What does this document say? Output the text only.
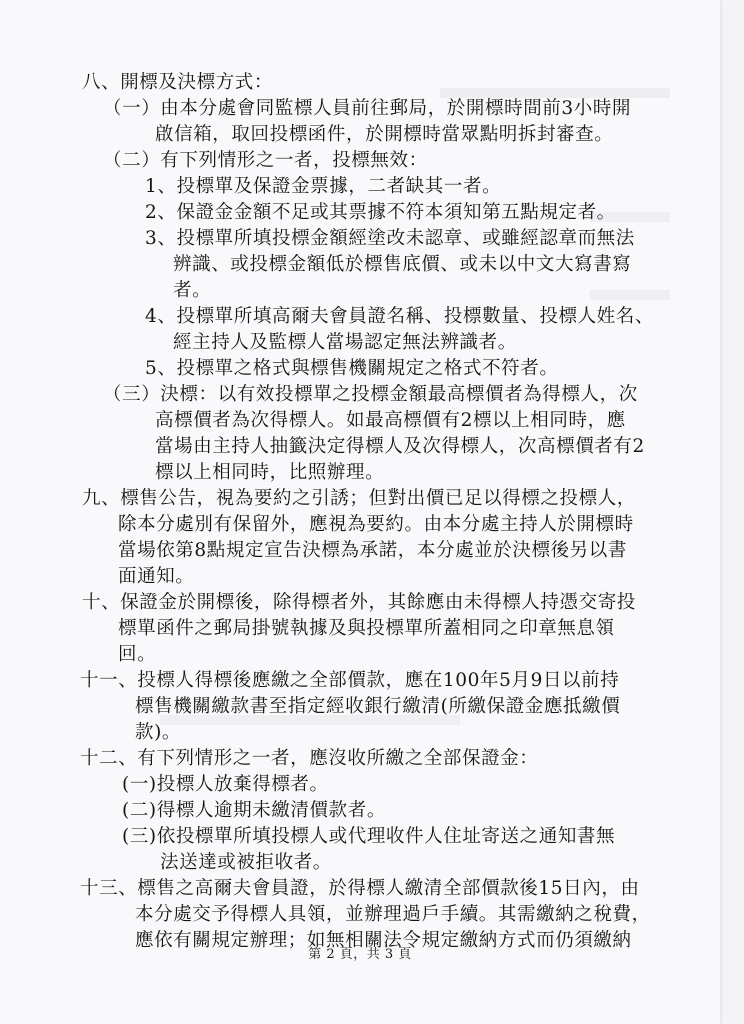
八、開標及決標方式：
（一）由本分處會同監標人員前往郵局，於開標時間前3小時開
啟信箱，取回投標函件，於開標時當眾點明拆封審查。
（二）有下列情形之一者，投標無效：
1、投標單及保證金票據，二者缺其一者。
2、保證金金額不足或其票據不符本須知第五點規定者。
3、投標單所填投標金額經塗改未認章、或雖經認章而無法
辨識、或投標金額低於標售底價、或未以中文大寫書寫
者。
4、投標單所填高爾夫會員證名稱、投標數量、投標人姓名、
經主持人及監標人當場認定無法辨識者。
5、投標單之格式與標售機關規定之格式不符者。
（三）決標：以有效投標單之投標金額最高標價者為得標人，次
高標價者為次得標人。如最高標價有2標以上相同時，應
當場由主持人抽籤決定得標人及次得標人，次高標價者有2
標以上相同時，比照辦理。
九、標售公告，視為要約之引誘；但對出價已足以得標之投標人，
除本分處別有保留外，應視為要約。由本分處主持人於開標時
當場依第8點規定宣告決標為承諾，本分處並於決標後另以書
面通知。
十、保證金於開標後，除得標者外，其餘應由未得標人持憑交寄投
標單函件之郵局掛號執據及與投標單所蓋相同之印章無息領
回。
十一、投標人得標後應繳之全部價款，應在100年5月9日以前持
標售機關繳款書至指定經收銀行繳清(所繳保證金應抵繳價
款)。
十二、有下列情形之一者，應沒收所繳之全部保證金：
(一)投標人放棄得標者。
(二)得標人逾期未繳清價款者。
(三)依投標單所填投標人或代理收件人住址寄送之通知書無
法送達或被拒收者。
十三、標售之高爾夫會員證，於得標人繳清全部價款後15日內，由
本分處交予得標人具領，並辦理過戶手續。其需繳納之稅費，
應依有關規定辦理；如無相關法令規定繳納方式而仍須繳納
第 2 頁，共 3 頁
